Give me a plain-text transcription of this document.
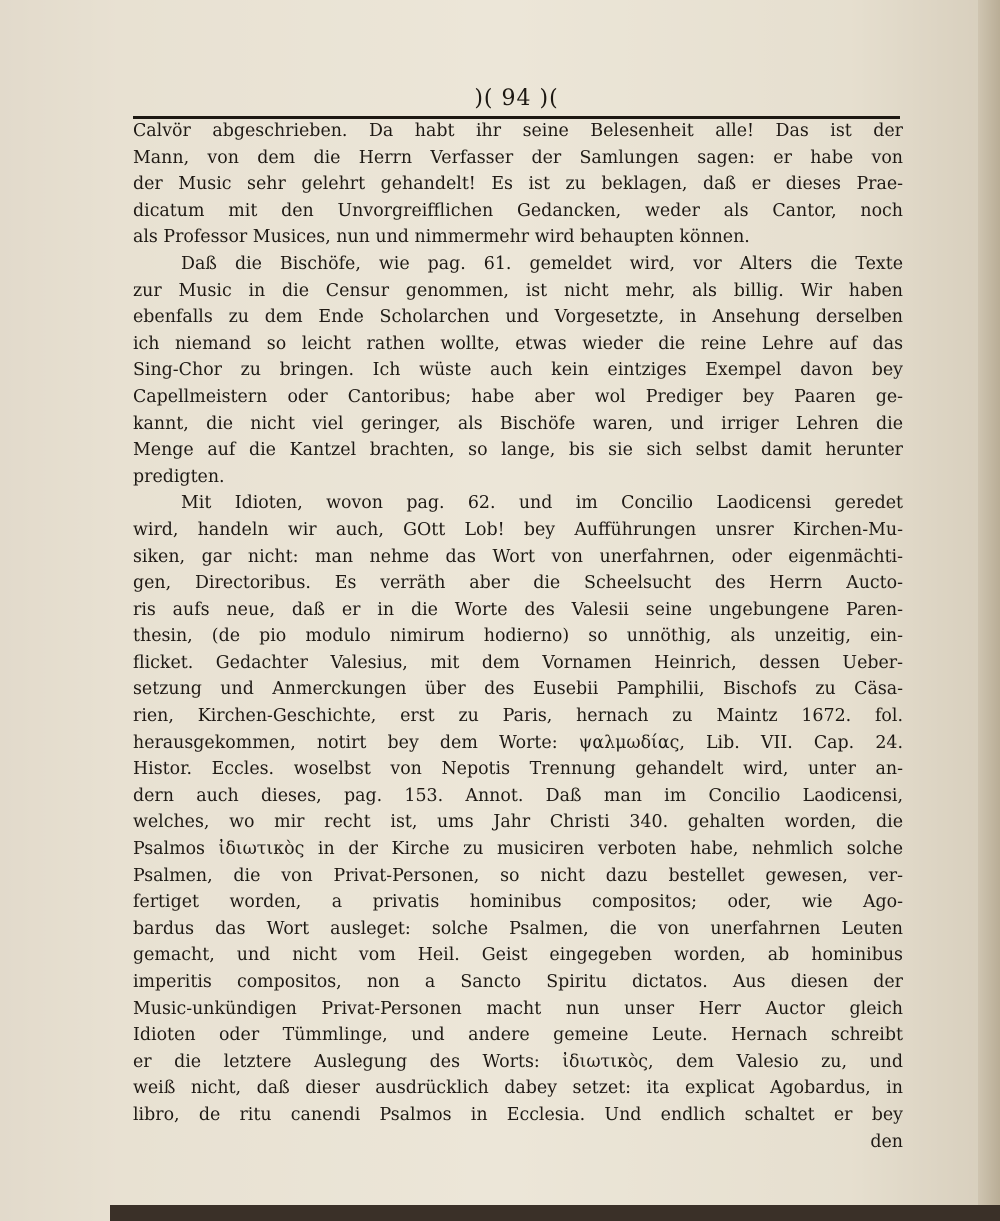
)( 94 )(
Calvör abgeschrieben. Da habt ihr seine Belesenheit alle! Das ist der
Mann, von dem die Herrn Verfasser der Samlungen sagen: er habe von
der Music sehr gelehrt gehandelt! Es ist zu beklagen, daß er dieses Prae-
dicatum mit den Unvorgreifflichen Gedancken, weder als Cantor, noch
als Professor Musices, nun und nimmermehr wird behaupten können.
Daß die Bischöfe, wie pag. 61. gemeldet wird, vor Alters die Texte
zur Music in die Censur genommen, ist nicht mehr, als billig. Wir haben
ebenfalls zu dem Ende Scholarchen und Vorgesetzte, in Ansehung derselben
ich niemand so leicht rathen wollte, etwas wieder die reine Lehre auf das
Sing-Chor zu bringen. Ich wüste auch kein eintziges Exempel davon bey
Capellmeistern oder Cantoribus; habe aber wol Prediger bey Paaren ge-
kannt, die nicht viel geringer, als Bischöfe waren, und irriger Lehren die
Menge auf die Kantzel brachten, so lange, bis sie sich selbst damit herunter
predigten.
Mit Idioten, wovon pag. 62. und im Concilio Laodicensi geredet
wird, handeln wir auch, GOtt Lob! bey Aufführungen unsrer Kirchen-Mu-
siken, gar nicht: man nehme das Wort von unerfahrnen, oder eigenmächti-
gen, Directoribus. Es verräth aber die Scheelsucht des Herrn Aucto-
ris aufs neue, daß er in die Worte des Valesii seine ungebungene Paren-
thesin, (de pio modulo nimirum hodierno) so unnöthig, als unzeitig, ein-
flicket. Gedachter Valesius, mit dem Vornamen Heinrich, dessen Ueber-
setzung und Anmerckungen über des Eusebii Pamphilii, Bischofs zu Cäsa-
rien, Kirchen-Geschichte, erst zu Paris, hernach zu Maintz 1672. fol.
herausgekommen, notirt bey dem Worte: ψαλμωδίας, Lib. VII. Cap. 24.
Histor. Eccles. woselbst von Nepotis Trennung gehandelt wird, unter an-
dern auch dieses, pag. 153. Annot. Daß man im Concilio Laodicensi,
welches, wo mir recht ist, ums Jahr Christi 340. gehalten worden, die
Psalmos ἰδιωτικὸς in der Kirche zu musiciren verboten habe, nehmlich solche
Psalmen, die von Privat-Personen, so nicht dazu bestellet gewesen, ver-
fertiget worden, a privatis hominibus compositos; oder, wie Ago-
bardus das Wort ausleget: solche Psalmen, die von unerfahrnen Leuten
gemacht, und nicht vom Heil. Geist eingegeben worden, ab hominibus
imperitis compositos, non a Sancto Spiritu dictatos. Aus diesen der
Music-unkündigen Privat-Personen macht nun unser Herr Auctor gleich
Idioten oder Tümmlinge, und andere gemeine Leute. Hernach schreibt
er die letztere Auslegung des Worts: ἰδιωτικὸς, dem Valesio zu, und
weiß nicht, daß dieser ausdrücklich dabey setzet: ita explicat Agobardus, in
libro, de ritu canendi Psalmos in Ecclesia. Und endlich schaltet er bey
den
